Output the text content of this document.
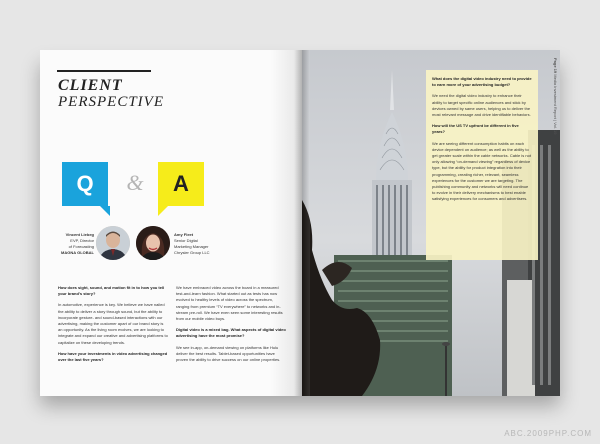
CLIENT
PERSPECTIVE
Q	&	A
Vincent Liebeg
EVP, Director
of Forecasting
MAGNA GLOBAL
Amy Fleet
Senior Digital
Marketing Manager
Chrysler Group LLC

How does sight, sound, and motion fit in to how you tell your brand’s story?

In automotive, experience is key. We believe we have nailed the ability to deliver a story through sound, but the ability to incorporate gesture- and sound-based interactions with our advertising, making the customer apart of our brand story is an opportunity. As the living room evolves, we are looking to integrate and expand our creative and advertising platforms to capitalize on these developing trends.

How have your investments in video advertising changed over the last five years?

We have embraced video across the board in a measured test-and-learn fashion. What started out as tests has now evolved to healthy levels of video across the spectrum, ranging from premium “TV everywhere” to networks and in-stream pre-roll. We have even seen some interesting results from our mobile video buys.

Digital video is a mixed bag. What aspects of digital video advertising have the most promise?

We see in-app, on-demand viewing on platforms like Hulu deliver the best results. Tablet-based opportunities have proven the ability to drive success on our online properties.

What does the digital video industry need to provide to earn more of your advertising budget?

We need the digital video industry to enhance their ability to target specific online audiences and stick by devices owned by same users, helping us to deliver the most relevant message and drive identifiable behaviors.

How will the US TV upfront be different in five years?

We are seeing different consumption habits on each device dependent on audience; as well as the ability to get greater scale within the cable networks. Cable is not only allowing “on-demand viewing” regardless of device type, but the ability for product integration into their programming, creating richer, relevant, seamless experiences for the customer we are targeting. The publishing community and networks will need continue to evolve in their delivery mechanisms to best enable satisfying experiences for consumers and advertisers.

Page 19 Media Investment Report | Vol. 19
ABC.2009PHP.COM
